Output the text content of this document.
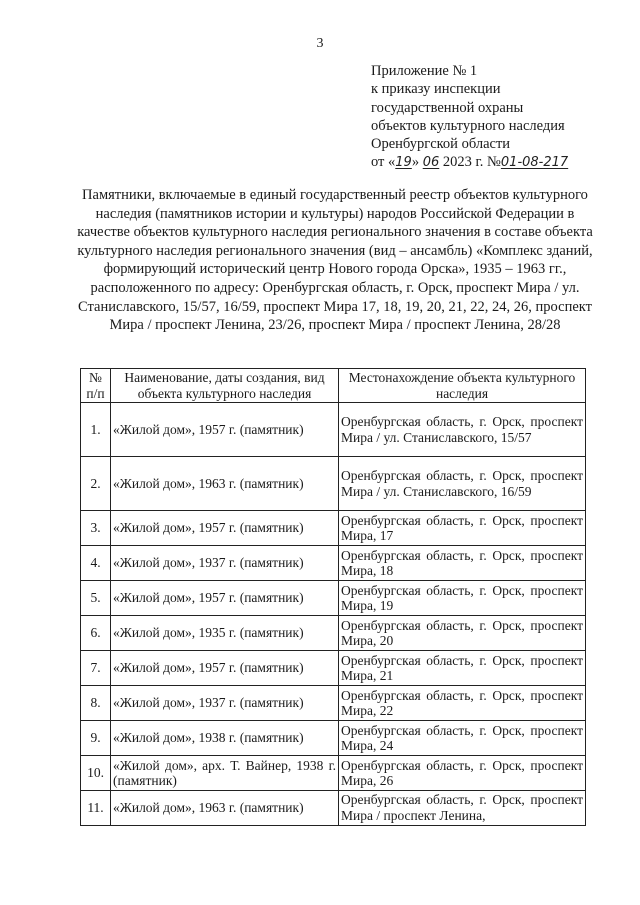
3
Приложение № 1
к приказу инспекции
государственной охраны
объектов культурного наследия
Оренбургской области
от «19» 06 2023 г. №01-08-217
Памятники, включаемые в единый государственный реестр объектов культурного наследия (памятников истории и культуры) народов Российской Федерации в качестве объектов культурного наследия регионального значения в составе объекта культурного наследия регионального значения (вид – ансамбль) «Комплекс зданий, формирующий исторический центр Нового города Орска», 1935 – 1963 гг., расположенного по адресу: Оренбургская область, г. Орск, проспект Мира / ул. Станиславского, 15/57, 16/59, проспект Мира 17, 18, 19, 20, 21, 22, 24, 26, проспект Мира / проспект Ленина, 23/26, проспект Мира / проспект Ленина, 28/28
№ п/п	Наименование, даты создания, вид объекта культурного наследия	Местонахождение объекта культурного наследия
1.	«Жилой дом», 1957 г. (памятник)	Оренбургская область, г. Орск, проспект Мира / ул. Станиславского, 15/57
2.	«Жилой дом», 1963 г. (памятник)	Оренбургская область, г. Орск, проспект Мира / ул. Станиславского, 16/59
3.	«Жилой дом», 1957 г. (памятник)	Оренбургская область, г. Орск, проспект Мира, 17
4.	«Жилой дом», 1937 г. (памятник)	Оренбургская область, г. Орск, проспект Мира, 18
5.	«Жилой дом», 1957 г. (памятник)	Оренбургская область, г. Орск, проспект Мира, 19
6.	«Жилой дом», 1935 г. (памятник)	Оренбургская область, г. Орск, проспект Мира, 20
7.	«Жилой дом», 1957 г. (памятник)	Оренбургская область, г. Орск, проспект Мира, 21
8.	«Жилой дом», 1937 г. (памятник)	Оренбургская область, г. Орск, проспект Мира, 22
9.	«Жилой дом», 1938 г. (памятник)	Оренбургская область, г. Орск, проспект Мира, 24
10.	«Жилой дом», арх. Т. Вайнер, 1938 г. (памятник)	Оренбургская область, г. Орск, проспект Мира, 26
11.	«Жилой дом», 1963 г. (памятник)	Оренбургская область, г. Орск, проспект Мира / проспект Ленина,
